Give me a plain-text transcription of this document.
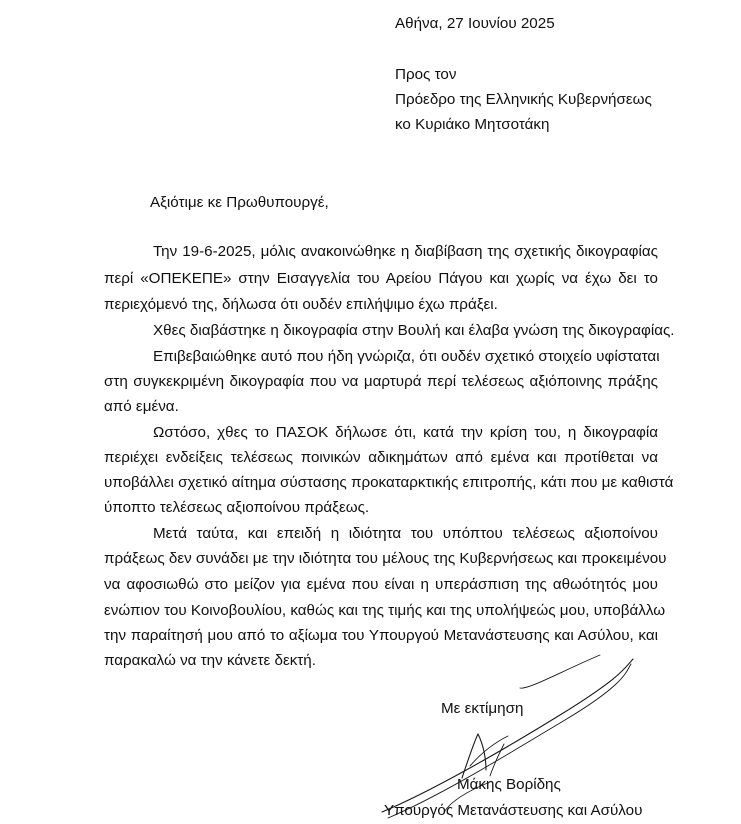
Αθήνα, 27 Ιουνίου 2025
Προς τον
Πρόεδρο της Ελληνικής Κυβερνήσεως
κο Κυριάκο Μητσοτάκη
Αξιότιμε κε Πρωθυπουργέ,
Την 19-6-2025, μόλις ανακοινώθηκε η διαβίβαση της σχετικής δικογραφίας
περί «ΟΠΕΚΕΠΕ» στην Εισαγγελία του Αρείου Πάγου και χωρίς να έχω δει το
περιεχόμενό της, δήλωσα ότι ουδέν επιλήψιμο έχω πράξει.
Χθες διαβάστηκε η δικογραφία στην Βουλή και έλαβα γνώση της δικογραφίας.
Επιβεβαιώθηκε αυτό που ήδη γνώριζα, ότι ουδέν σχετικό στοιχείο υφίσταται
στη συγκεκριμένη δικογραφία που να μαρτυρά περί τελέσεως αξιόποινης πράξης
από εμένα.
Ωστόσο, χθες το ΠΑΣΟΚ δήλωσε ότι, κατά την κρίση του, η δικογραφία
περιέχει ενδείξεις τελέσεως ποινικών αδικημάτων από εμένα και προτίθεται να
υποβάλλει σχετικό αίτημα σύστασης προκαταρκτικής επιτροπής, κάτι που με καθιστά
ύποπτο τελέσεως αξιοποίνου πράξεως.
Μετά ταύτα, και επειδή η ιδιότητα του υπόπτου τελέσεως αξιοποίνου
πράξεως δεν συνάδει με την ιδιότητα του μέλους της Κυβερνήσεως και προκειμένου
να αφοσιωθώ στο μείζον για εμένα που είναι η υπεράσπιση της αθωότητός μου
ενώπιον του Κοινοβουλίου, καθώς και της τιμής και της υπολήψεώς μου, υποβάλλω
την παραίτησή μου από το αξίωμα του Υπουργού Μετανάστευσης και Ασύλου, και
παρακαλώ να την κάνετε δεκτή.
Με εκτίμηση
Μάκης Βορίδης
Υπουργός Μετανάστευσης και Ασύλου
